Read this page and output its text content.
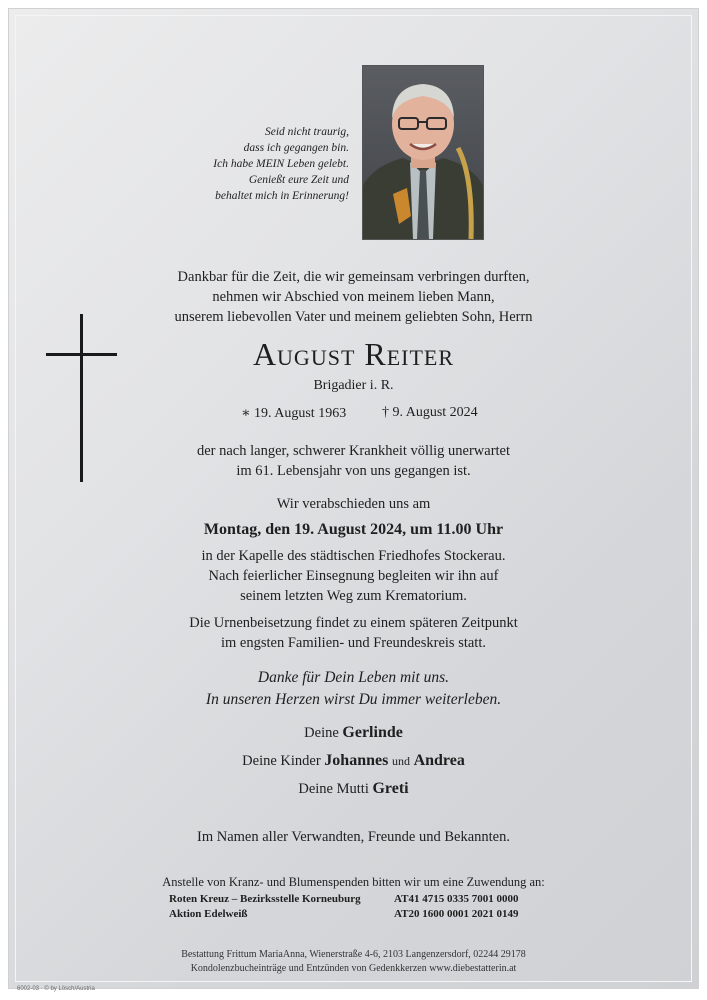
Seid nicht traurig,
dass ich gegangen bin.
Ich habe MEIN Leben gelebt.
Genießt eure Zeit und
behaltet mich in Erinnerung!
Dankbar für die Zeit, die wir gemeinsam verbringen durften,
nehmen wir Abschied von meinem lieben Mann,
unserem liebevollen Vater und meinem geliebten Sohn, Herrn
August Reiter
Brigadier i. R.
∗ 19. August 1963	† 9. August 2024
der nach langer, schwerer Krankheit völlig unerwartet
im 61. Lebensjahr von uns gegangen ist.
Wir verabschieden uns am
Montag, den 19. August 2024, um 11.00 Uhr
in der Kapelle des städtischen Friedhofes Stockerau.
Nach feierlicher Einsegnung begleiten wir ihn auf
seinem letzten Weg zum Krematorium.
Die Urnenbeisetzung findet zu einem späteren Zeitpunkt
im engsten Familien- und Freundeskreis statt.
Danke für Dein Leben mit uns.
In unseren Herzen wirst Du immer weiterleben.
Deine Gerlinde
Deine Kinder Johannes und Andrea
Deine Mutti Greti
Im Namen aller Verwandten, Freunde und Bekannten.
Anstelle von Kranz- und Blumenspenden bitten wir um eine Zuwendung an:
Roten Kreuz – Bezirksstelle Korneuburg	AT41 4715 0335 7001 0000
Aktion Edelweiß	AT20 1600 0001 2021 0149
Bestattung Frittum MariaAnna, Wienerstraße 4-6, 2103 Langenzersdorf, 02244 29178
Kondolenzbucheinträge und Entzünden von Gedenkkerzen www.diebestatterin.at
6002-03 · © by Lösch/Austria
